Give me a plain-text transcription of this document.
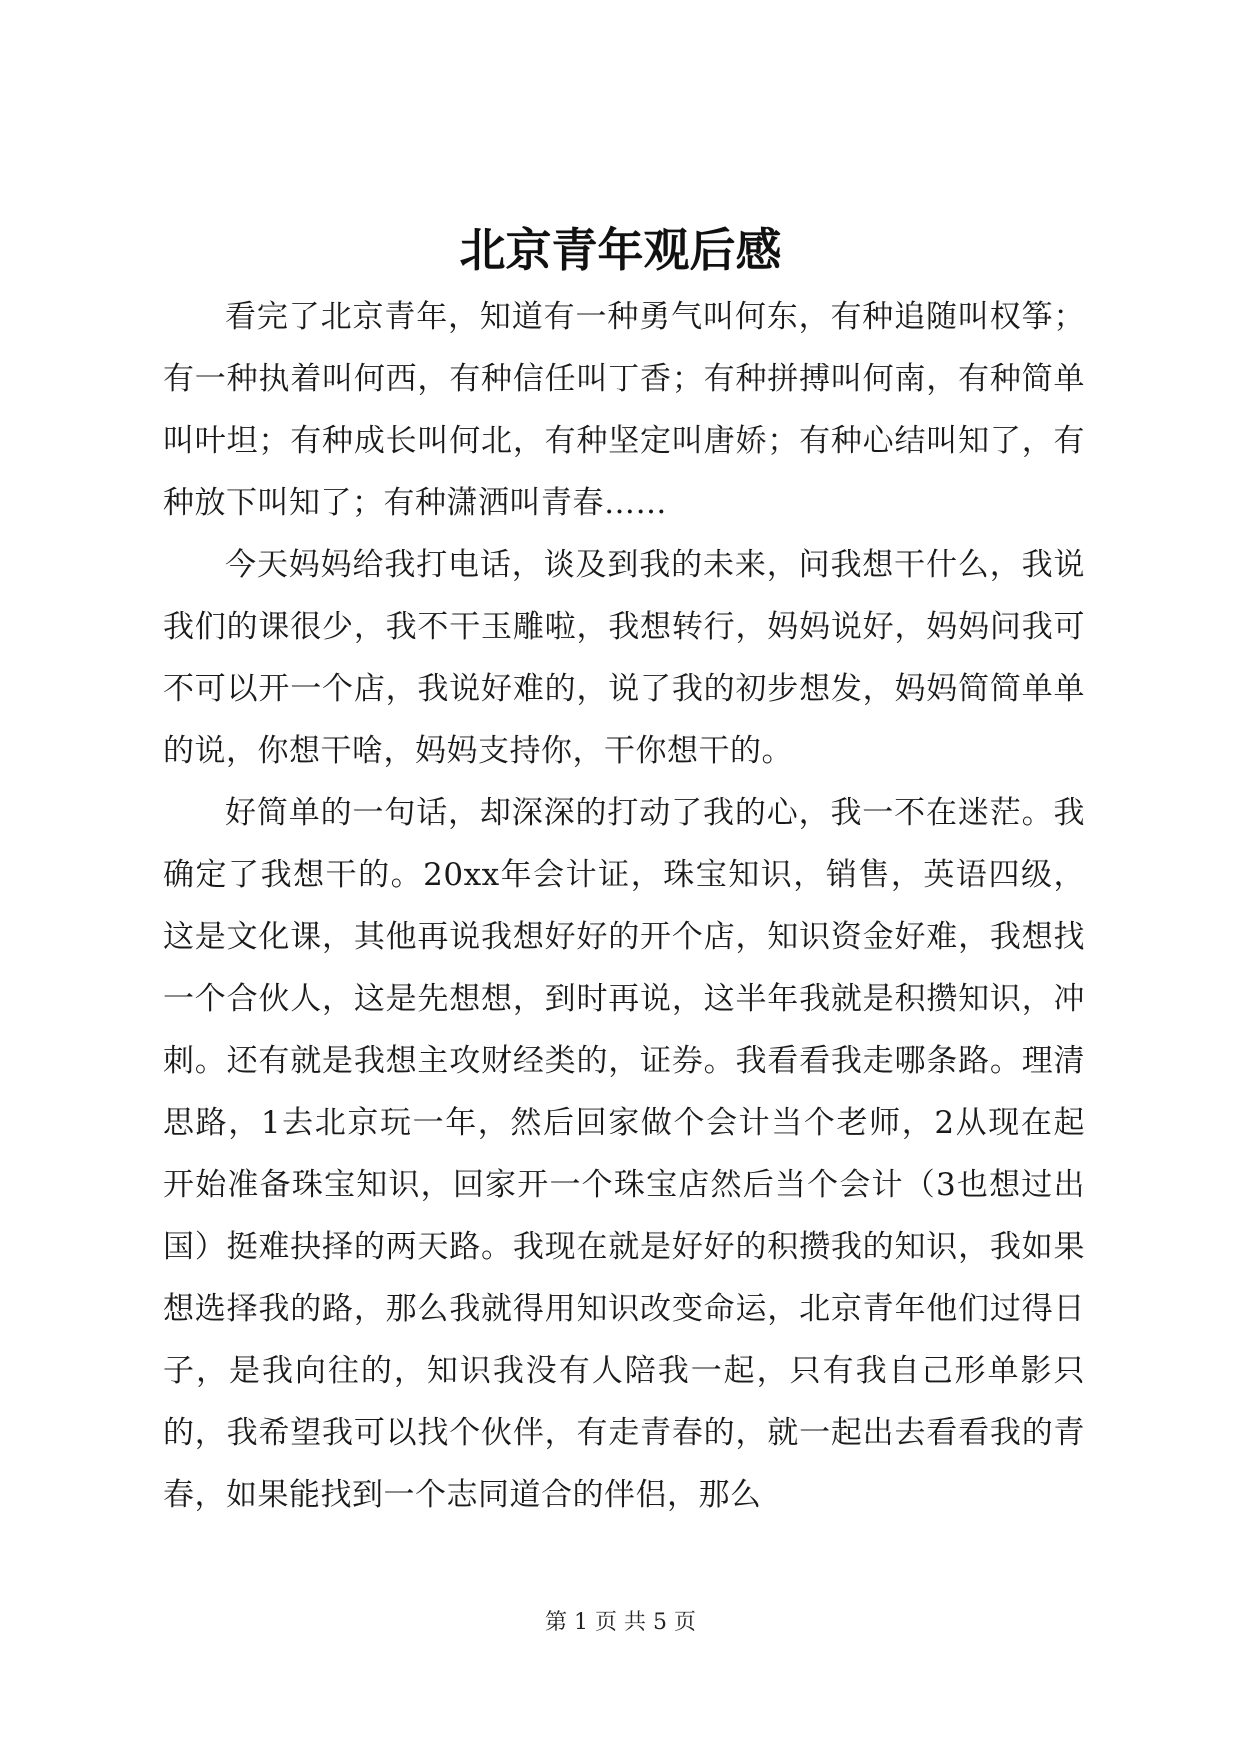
北京青年观后感

看完了北京青年，知道有一种勇气叫何东，有种追随叫权筝；有一种执着叫何西，有种信任叫丁香；有种拼搏叫何南，有种简单叫叶坦；有种成长叫何北，有种坚定叫唐娇；有种心结叫知了，有种放下叫知了；有种潇洒叫青春……

今天妈妈给我打电话，谈及到我的未来，问我想干什么，我说我们的课很少，我不干玉雕啦，我想转行，妈妈说好，妈妈问我可不可以开一个店，我说好难的，说了我的初步想发，妈妈简简单单的说，你想干啥，妈妈支持你，干你想干的。

好简单的一句话，却深深的打动了我的心，我一不在迷茫。我确定了我想干的。20xx年会计证，珠宝知识，销售，英语四级，这是文化课，其他再说我想好好的开个店，知识资金好难，我想找一个合伙人，这是先想想，到时再说，这半年我就是积攒知识，冲刺。还有就是我想主攻财经类的，证券。我看看我走哪条路。理清思路，1去北京玩一年，然后回家做个会计当个老师，2从现在起开始准备珠宝知识，回家开一个珠宝店然后当个会计（3也想过出国）挺难抉择的两天路。我现在就是好好的积攒我的知识，我如果想选择我的路，那么我就得用知识改变命运，北京青年他们过得日子，是我向往的，知识我没有人陪我一起，只有我自己形单影只的，我希望我可以找个伙伴，有走青春的，就一起出去看看我的青春，如果能找到一个志同道合的伴侣，那么

第 1 页 共 5 页
